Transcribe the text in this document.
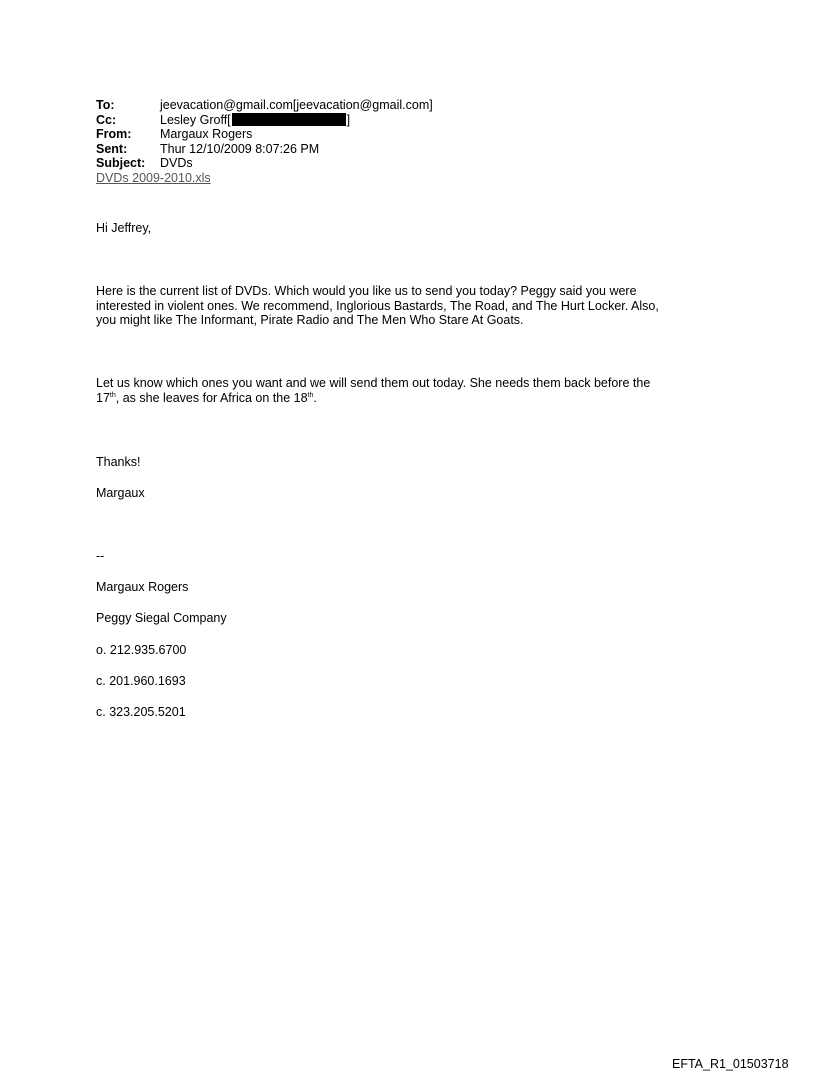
To:	jeevacation@gmail.com[jeevacation@gmail.com]
Cc:	Lesley Groff[	]
From:	Margaux Rogers
Sent:	Thur 12/10/2009 8:07:26 PM
Subject:	DVDs
DVDs 2009-2010.xls
Hi Jeffrey,
Here is the current list of DVDs. Which would you like us to send you today? Peggy said you were
interested in violent ones. We recommend, Inglorious Bastards, The Road, and The Hurt Locker. Also,
you might like The Informant, Pirate Radio and The Men Who Stare At Goats.
Let us know which ones you want and we will send them out today. She needs them back before the
17th, as she leaves for Africa on the 18th.
Thanks!
Margaux
--
Margaux Rogers
Peggy Siegal Company
o. 212.935.6700
c. 201.960.1693
c. 323.205.5201
EFTA_R1_01503718
